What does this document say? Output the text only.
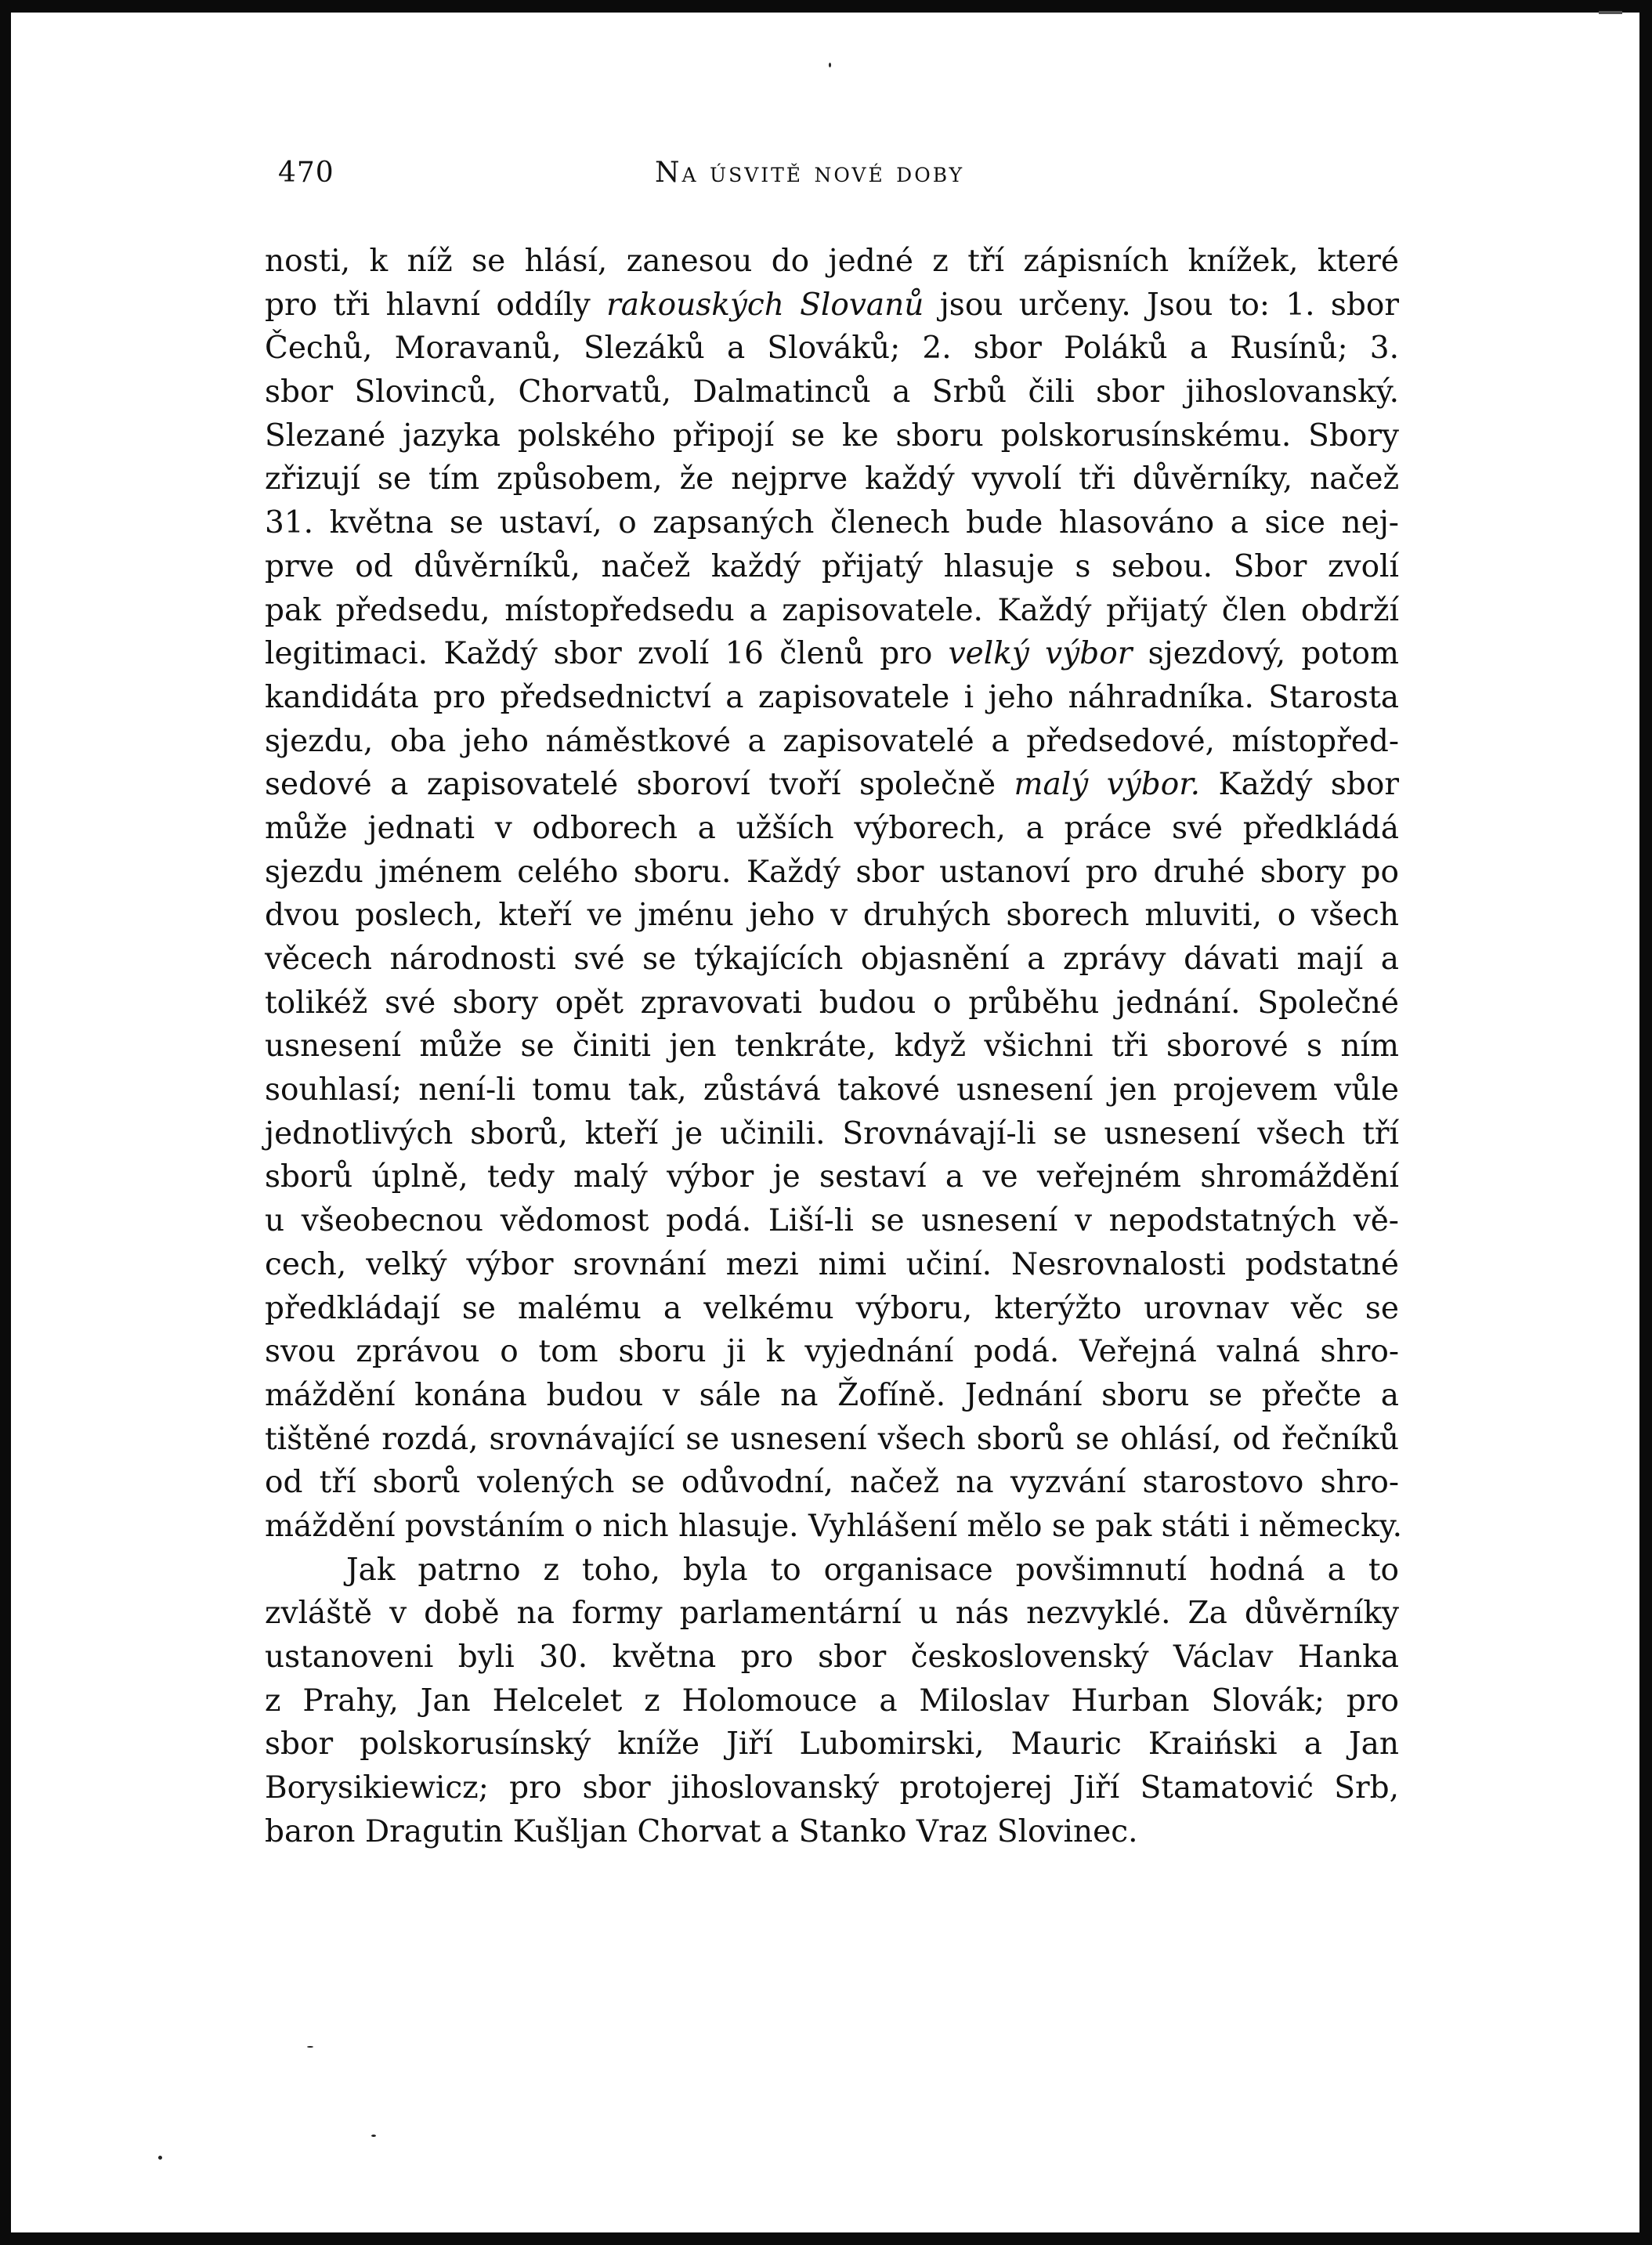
470	Na úsvitě nové doby
nosti, k níž se hlásí, zanesou do jedné z tří zápisních knížek, které
pro tři hlavní oddíly rakouských Slovanů jsou určeny. Jsou to: 1. sbor
Čechů, Moravanů, Slezáků a Slováků; 2. sbor Poláků a Rusínů; 3.
sbor Slovinců, Chorvatů, Dalmatinců a Srbů čili sbor jihoslovanský.
Slezané jazyka polského připojí se ke sboru polskorusínskému. Sbory
zřizují se tím způsobem, že nejprve každý vyvolí tři důvěrníky, načež
31. května se ustaví, o zapsaných členech bude hlasováno a sice nej-
prve od důvěrníků, načež každý přijatý hlasuje s sebou. Sbor zvolí
pak předsedu, místopředsedu a zapisovatele. Každý přijatý člen obdrží
legitimaci. Každý sbor zvolí 16 členů pro velký výbor sjezdový, potom
kandidáta pro předsednictví a zapisovatele i jeho náhradníka. Starosta
sjezdu, oba jeho náměstkové a zapisovatelé a předsedové, místopřed-
sedové a zapisovatelé sboroví tvoří společně malý výbor. Každý sbor
může jednati v odborech a užších výborech, a práce své předkládá
sjezdu jménem celého sboru. Každý sbor ustanoví pro druhé sbory po
dvou poslech, kteří ve jménu jeho v druhých sborech mluviti, o všech
věcech národnosti své se týkajících objasnění a zprávy dávati mají a
tolikéž své sbory opět zpravovati budou o průběhu jednání. Společné
usnesení může se činiti jen tenkráte, když všichni tři sborové s ním
souhlasí; není-li tomu tak, zůstává takové usnesení jen projevem vůle
jednotlivých sborů, kteří je učinili. Srovnávají-li se usnesení všech tří
sborů úplně, tedy malý výbor je sestaví a ve veřejném shromáždění
u všeobecnou vědomost podá. Liší-li se usnesení v nepodstatných vě-
cech, velký výbor srovnání mezi nimi učiní. Nesrovnalosti podstatné
předkládají se malému a velkému výboru, kterýžto urovnav věc se
svou zprávou o tom sboru ji k vyjednání podá. Veřejná valná shro-
máždění konána budou v sále na Žofíně. Jednání sboru se přečte a
tištěné rozdá, srovnávající se usnesení všech sborů se ohlásí, od řečníků
od tří sborů volených se odůvodní, načež na vyzvání starostovo shro-
máždění povstáním o nich hlasuje. Vyhlášení mělo se pak státi i německy.
Jak patrno z toho, byla to organisace povšimnutí hodná a to
zvláště v době na formy parlamentární u nás nezvyklé. Za důvěrníky
ustanoveni byli 30. května pro sbor československý Václav Hanka
z Prahy, Jan Helcelet z Holomouce a Miloslav Hurban Slovák; pro
sbor polskorusínský kníže Jiří Lubomirski, Mauric Kraiński a Jan
Borysikiewicz; pro sbor jihoslovanský protojerej Jiří Stamatović Srb,
baron Dragutin Kušljan Chorvat a Stanko Vraz Slovinec.
